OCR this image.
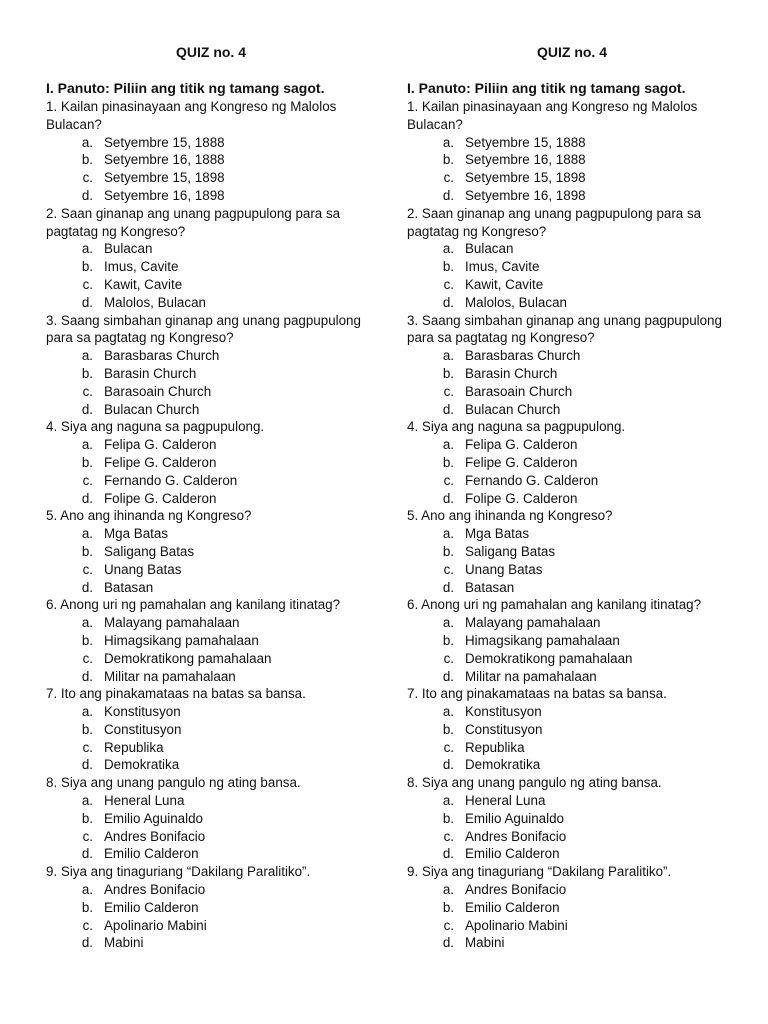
QUIZ no. 4
I. Panuto: Piliin ang titik ng tamang sagot.

1. Kailan pinasinayaan ang Kongreso ng Malolos Bulacan?

a. Setyembre 15, 1888
b. Setyembre 16, 1888
c. Setyembre 15, 1898
d. Setyembre 16, 1898

2. Saan ginanap ang unang pagpupulong para sa pagtatag ng Kongreso?

a. Bulacan
b. Imus, Cavite
c. Kawit, Cavite
d. Malolos, Bulacan

3. Saang simbahan ginanap ang unang pagpupulong para sa pagtatag ng Kongreso?

a. Barasbaras Church
b. Barasin Church
c. Barasoain Church
d. Bulacan Church

4. Siya ang naguna sa pagpupulong.

a. Felipa G. Calderon
b. Felipe G. Calderon
c. Fernando G. Calderon
d. Folipe G. Calderon

5. Ano ang ihinanda ng Kongreso?

a. Mga Batas
b. Saligang Batas
c. Unang Batas
d. Batasan

6. Anong uri ng pamahalan ang kanilang itinatag?

a. Malayang pamahalaan
b. Himagsikang pamahalaan
c. Demokratikong pamahalaan
d. Militar na pamahalaan

7. Ito ang pinakamataas na batas sa bansa.

a. Konstitusyon
b. Constitusyon
c. Republika
d. Demokratika

8. Siya ang unang pangulo ng ating bansa.

a. Heneral Luna
b. Emilio Aguinaldo
c. Andres Bonifacio
d. Emilio Calderon

9. Siya ang tinaguriang “Dakilang Paralitiko”.

a. Andres Bonifacio
b. Emilio Calderon
c. Apolinario Mabini
d. Mabini
QUIZ no. 4
I. Panuto: Piliin ang titik ng tamang sagot.

1. Kailan pinasinayaan ang Kongreso ng Malolos Bulacan?

a. Setyembre 15, 1888
b. Setyembre 16, 1888
c. Setyembre 15, 1898
d. Setyembre 16, 1898

2. Saan ginanap ang unang pagpupulong para sa pagtatag ng Kongreso?

a. Bulacan
b. Imus, Cavite
c. Kawit, Cavite
d. Malolos, Bulacan

3. Saang simbahan ginanap ang unang pagpupulong para sa pagtatag ng Kongreso?

a. Barasbaras Church
b. Barasin Church
c. Barasoain Church
d. Bulacan Church

4. Siya ang naguna sa pagpupulong.

a. Felipa G. Calderon
b. Felipe G. Calderon
c. Fernando G. Calderon
d. Folipe G. Calderon

5. Ano ang ihinanda ng Kongreso?

a. Mga Batas
b. Saligang Batas
c. Unang Batas
d. Batasan

6. Anong uri ng pamahalan ang kanilang itinatag?

a. Malayang pamahalaan
b. Himagsikang pamahalaan
c. Demokratikong pamahalaan
d. Militar na pamahalaan

7. Ito ang pinakamataas na batas sa bansa.

a. Konstitusyon
b. Constitusyon
c. Republika
d. Demokratika

8. Siya ang unang pangulo ng ating bansa.

a. Heneral Luna
b. Emilio Aguinaldo
c. Andres Bonifacio
d. Emilio Calderon

9. Siya ang tinaguriang “Dakilang Paralitiko”.

a. Andres Bonifacio
b. Emilio Calderon
c. Apolinario Mabini
d. Mabini
